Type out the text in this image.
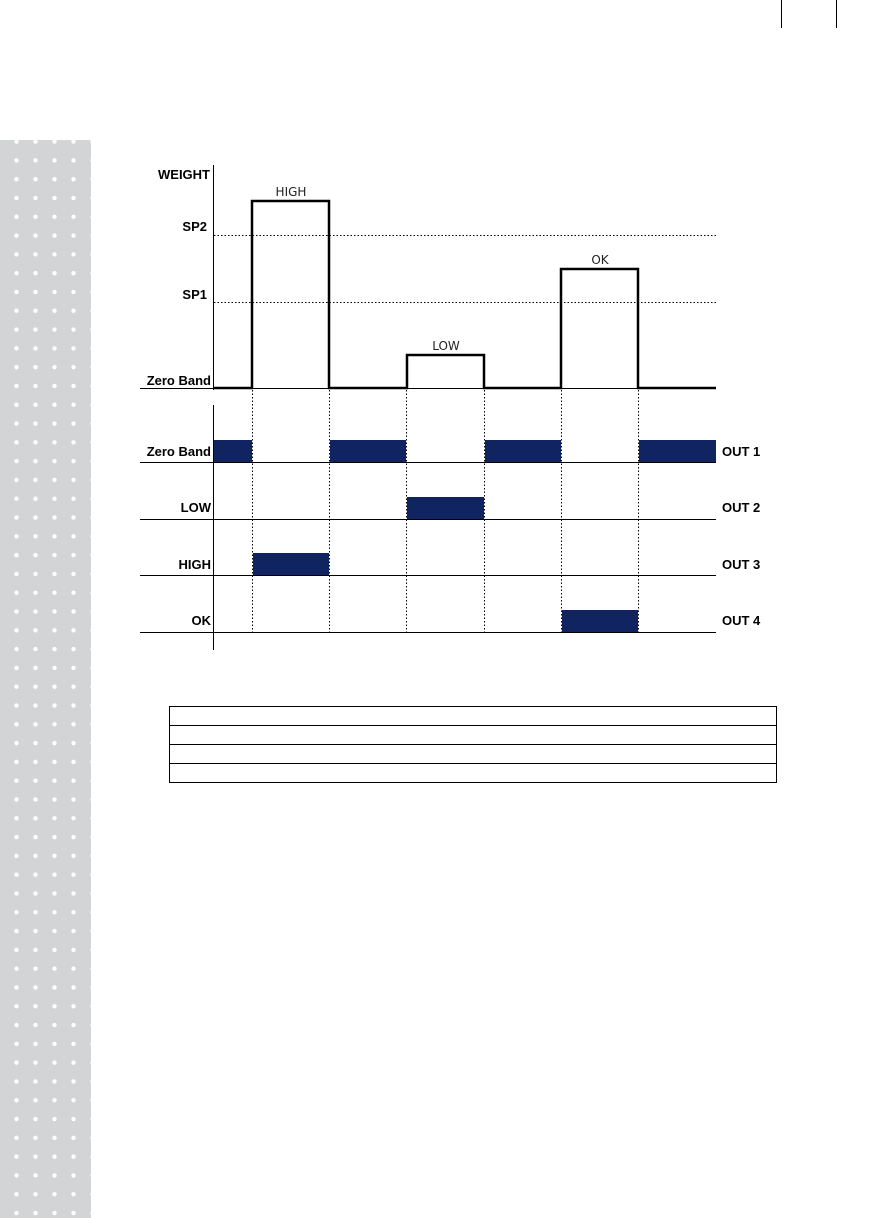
WEIGHT
SP2
SP1
Zero Band
HIGH
LOW
OK
Zero Band
LOW
HIGH
OK
OUT 1
OUT 2
OUT 3
OUT 4
